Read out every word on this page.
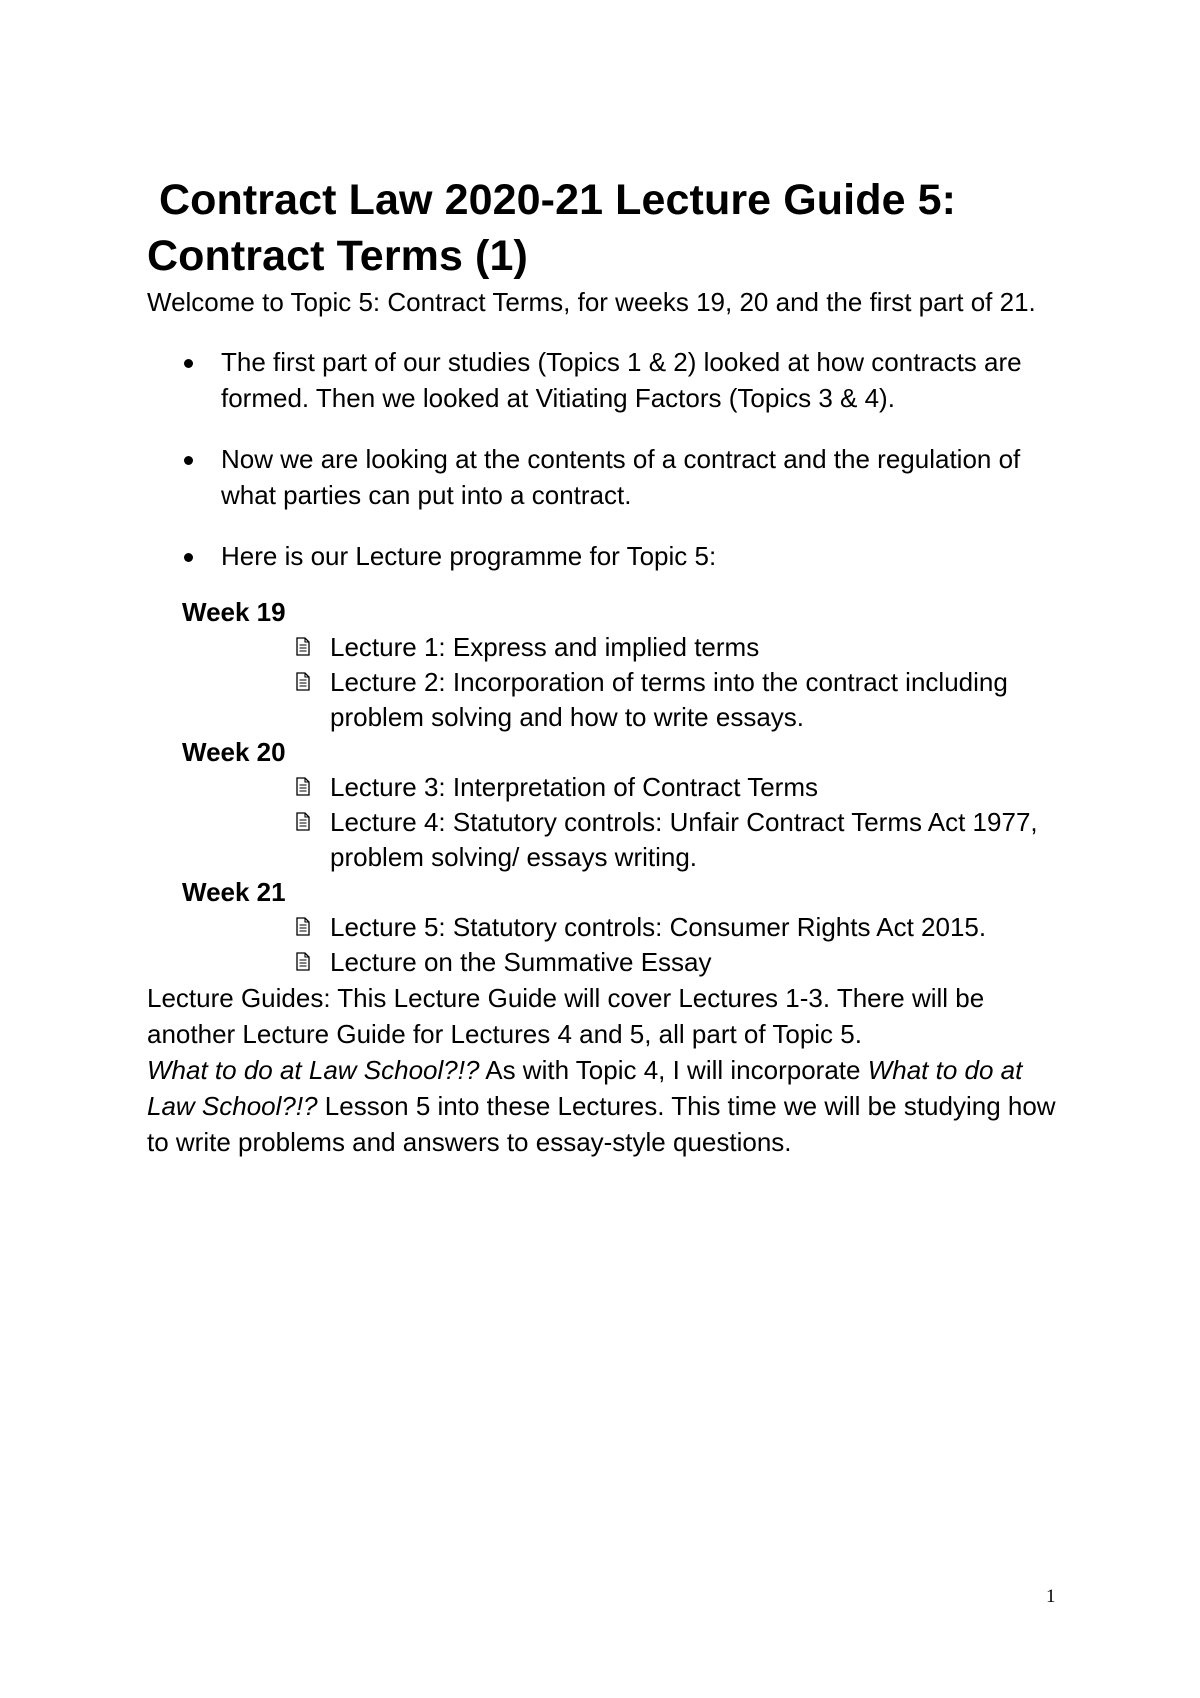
Contract Law 2020-21 Lecture Guide 5:
Contract Terms (1)

Welcome to Topic 5: Contract Terms, for weeks 19, 20 and the first part of 21.

The first part of our studies (Topics 1 & 2) looked at how contracts are formed. Then we looked at Vitiating Factors (Topics 3 & 4).
Now we are looking at the contents of a contract and the regulation of what parties can put into a contract.
Here is our Lecture programme for Topic 5:
Week 19
Lecture 1: Express and implied terms
Lecture 2: Incorporation of terms into the contract including problem solving and how to write essays.
Week 20
Lecture 3: Interpretation of Contract Terms
Lecture 4: Statutory controls: Unfair Contract Terms Act 1977, problem solving/ essays writing.
Week 21
Lecture 5: Statutory controls: Consumer Rights Act 2015.
Lecture on the Summative Essay

Lecture Guides: This Lecture Guide will cover Lectures 1-3. There will be another Lecture Guide for Lectures 4 and 5, all part of Topic 5.

What to do at Law School?!? As with Topic 4, I will incorporate What to do at Law School?!? Lesson 5 into these Lectures. This time we will be studying how to write problems and answers to essay-style questions.

1
